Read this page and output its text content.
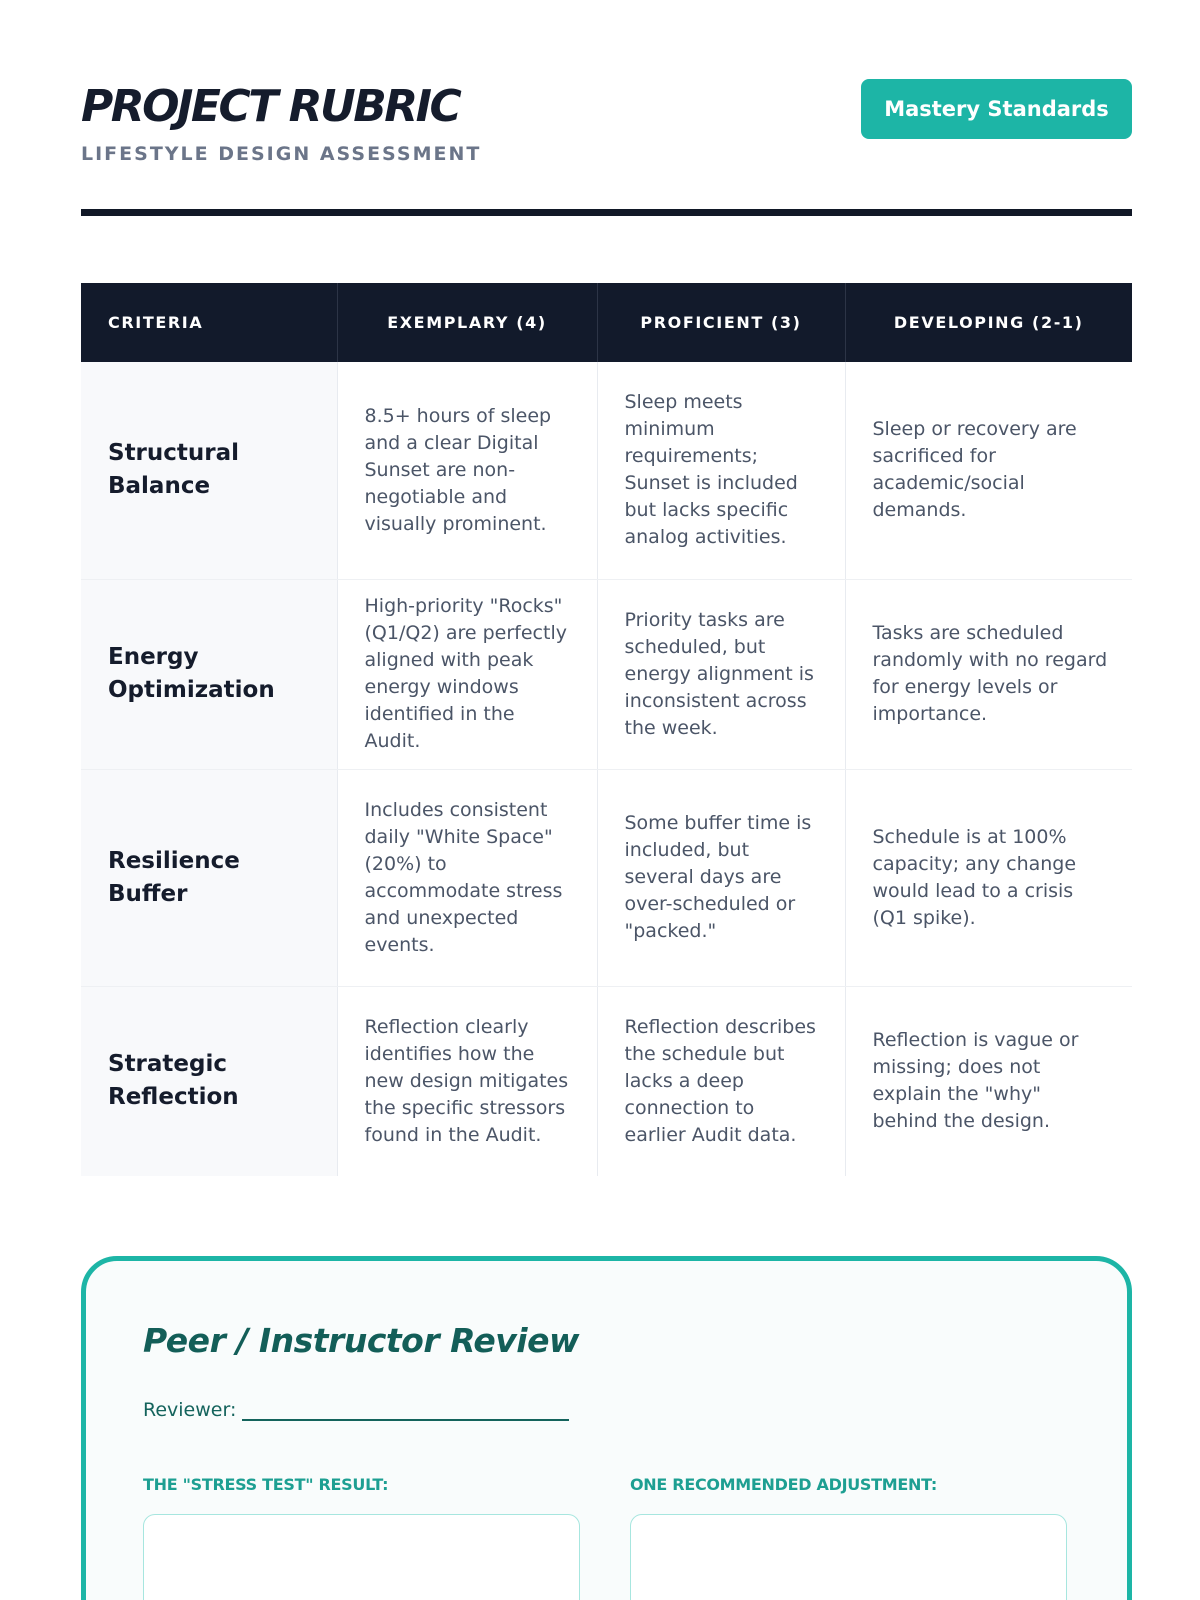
PROJECT RUBRIC
LIFESTYLE DESIGN ASSESSMENT
Mastery Standards
CRITERIA	EXEMPLARY (4)	PROFICIENT (3)	DEVELOPING (2-1)
Structural Balance	8.5+ hours of sleep and a clear Digital Sunset are non-negotiable and visually prominent.	Sleep meets minimum requirements; Sunset is included but lacks specific analog activities.	Sleep or recovery are sacrificed for academic/social demands.
Energy Optimization	High-priority "Rocks" (Q1/Q2) are perfectly aligned with peak energy windows identified in the Audit.	Priority tasks are scheduled, but energy alignment is inconsistent across the week.	Tasks are scheduled randomly with no regard for energy levels or importance.
Resilience Buffer	Includes consistent daily "White Space" (20%) to accommodate stress and unexpected events.	Some buffer time is included, but several days are over-scheduled or "packed."	Schedule is at 100% capacity; any change would lead to a crisis (Q1 spike).
Strategic Reflection	Reflection clearly identifies how the new design mitigates the specific stressors found in the Audit.	Reflection describes the schedule but lacks a deep connection to earlier Audit data.	Reflection is vague or missing; does not explain the "why" behind the design.
Peer / Instructor Review
Reviewer:
THE "STRESS TEST" RESULT:	ONE RECOMMENDED ADJUSTMENT:
